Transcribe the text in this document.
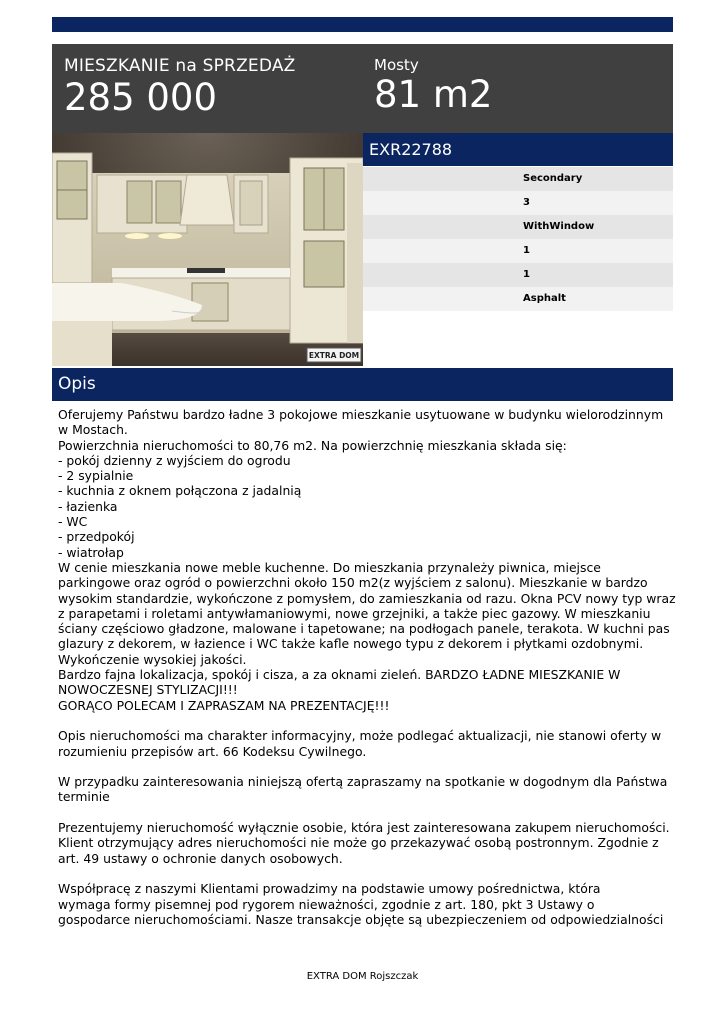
MIESZKANIE na SPRZEDAŻ
285 000
Mosty
81 m2
EXTRA DOM
EXR22788
Secondary
3
WithWindow
1
1
Asphalt
Opis
Oferujemy Państwu bardzo ładne 3 pokojowe mieszkanie usytuowane w budynku wielorodzinnym
w Mostach.
Powierzchnia nieruchomości to 80,76 m2. Na powierzchnię mieszkania składa się:
- pokój dzienny z wyjściem do ogrodu
- 2 sypialnie
- kuchnia z oknem połączona z jadalnią
- łazienka
- WC
- przedpokój
- wiatrołap
W cenie mieszkania nowe meble kuchenne. Do mieszkania przynależy piwnica, miejsce
parkingowe oraz ogród o powierzchni około 150 m2(z wyjściem z salonu). Mieszkanie w bardzo
wysokim standardzie, wykończone z pomysłem, do zamieszkania od razu. Okna PCV nowy typ wraz
z parapetami i roletami antywłamaniowymi, nowe grzejniki, a także piec gazowy. W mieszkaniu
ściany częściowo gładzone, malowane i tapetowane; na podłogach panele, terakota. W kuchni pas
glazury z dekorem, w łazience i WC także kafle nowego typu z dekorem i płytkami ozdobnymi.
Wykończenie wysokiej jakości.
Bardzo fajna lokalizacja, spokój i cisza, a za oknami zieleń. BARDZO ŁADNE MIESZKANIE W
NOWOCZESNEJ STYLIZACJI!!!
GORĄCO POLECAM I ZAPRASZAM NA PREZENTACJĘ!!!
Opis nieruchomości ma charakter informacyjny, może podlegać aktualizacji, nie stanowi oferty w
rozumieniu przepisów art. 66 Kodeksu Cywilnego.
W przypadku zainteresowania niniejszą ofertą zapraszamy na spotkanie w dogodnym dla Państwa
terminie
Prezentujemy nieruchomość wyłącznie osobie, która jest zainteresowana zakupem nieruchomości.
Klient otrzymujący adres nieruchomości nie może go przekazywać osobą postronnym. Zgodnie z
art. 49 ustawy o ochronie danych osobowych.
Współpracę z naszymi Klientami prowadzimy na podstawie umowy pośrednictwa, która
wymaga formy pisemnej pod rygorem nieważności, zgodnie z art. 180, pkt 3 Ustawy o
gospodarce nieruchomościami. Nasze transakcje objęte są ubezpieczeniem od odpowiedzialności
EXTRA DOM Rojszczak
